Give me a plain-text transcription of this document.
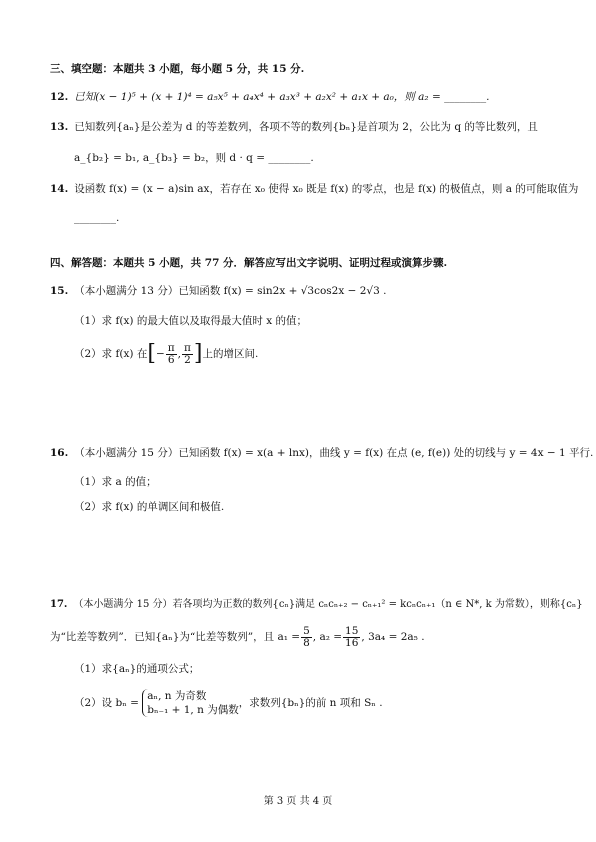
三、填空题：本题共 3 小题，每小题 5 分，共 15 分.
12. 已知(x − 1)⁵ + (x + 1)⁴ = a₅x⁵ + a₄x⁴ + a₃x³ + a₂x² + a₁x + a₀，则 a₂ = ________.
13. 已知数列{aₙ}是公差为 d 的等差数列，各项不等的数列{bₙ}是首项为 2，公比为 q 的等比数列，且
a_{b₂} = b₁, a_{b₃} = b₂，则 d · q = ________.
14. 设函数 f(x) = (x − a)sin ax，若存在 x₀ 使得 x₀ 既是 f(x) 的零点，也是 f(x) 的极值点，则 a 的可能取值为
________.
四、解答题：本题共 5 小题，共 77 分．解答应写出文字说明、证明过程或演算步骤.
15. （本小题满分 13 分）已知函数 f(x) = sin2x + √3cos2x − 2√3 .
（1）求 f(x) 的最大值以及取得最大值时 x 的值；
（2）求 f(x) 在[− $\frac{\pi}{6}$ , $\frac{\pi}{2}$ ]上的增区间.
16. （本小题满分 15 分）已知函数 f(x) = x(a + lnx)，曲线 y = f(x) 在点 (e, f(e)) 处的切线与 y = 4x − 1 平行.
（1）求 a 的值；
（2）求 f(x) 的单调区间和极值.
17. （本小题满分 15 分）若各项均为正数的数列{cₙ}满足 cₙcₙ₊₂ − cₙ₊₁² = kcₙcₙ₊₁（n ∈ N*, k 为常数），则称{cₙ}
为“比差等数列”．已知{aₙ}为“比差等数列”，且 $a_1 = \frac{5}{8}$ , $a_2 = \frac{15}{16}$ , 3a₄ = 2a₅ .
（1）求{aₙ}的通项公式；
（2）设 bₙ =
aₙ, n 为奇数
bₙ₋₁ + 1, n 为偶数
，求数列{bₙ}的前 n 项和 Sₙ .
第 3 页 共 4 页
